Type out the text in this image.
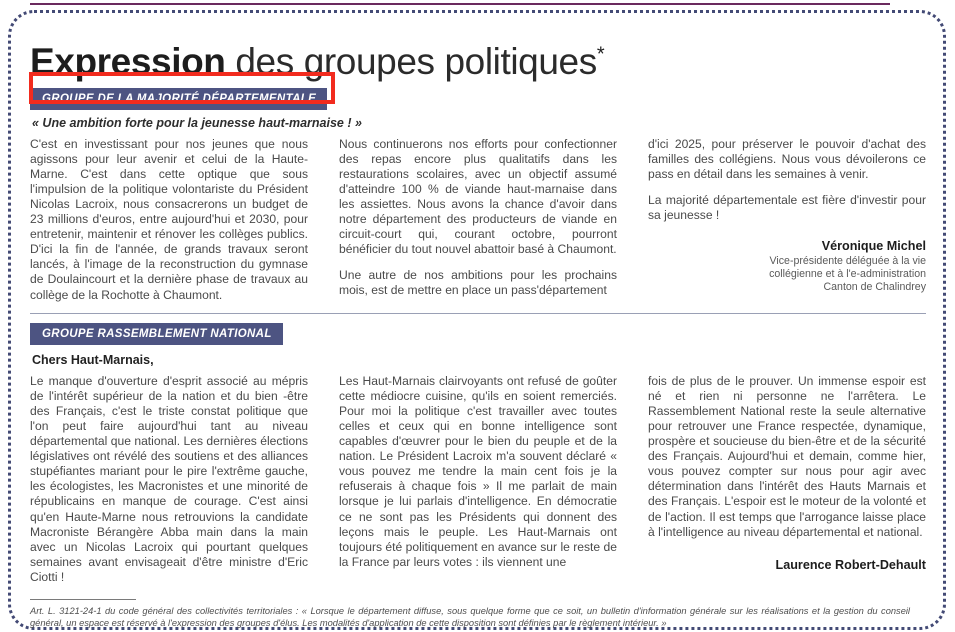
Expression des groupes politiques*
GROUPE DE LA MAJORITÉ DÉPARTEMENTALE
« Une ambition forte pour la jeunesse haut-marnaise ! »

C'est en investissant pour nos jeunes que nous agissons pour leur avenir et celui de la Haute-Marne. C'est dans cette optique que sous l'impulsion de la politique volontariste du Président Nicolas Lacroix, nous consacrerons un budget de 23 millions d'euros, entre aujourd'hui et 2030, pour entretenir, maintenir et rénover les collèges publics. D'ici la fin de l'année, de grands travaux seront lancés, à l'image de la reconstruction du gymnase de Doulaincourt et la dernière phase de travaux au collège de la Rochotte à Chaumont.

Nous continuerons nos efforts pour confectionner des repas encore plus qualitatifs dans les restaurations scolaires, avec un objectif assumé d'atteindre 100 % de viande haut-marnaise dans les assiettes. Nous avons la chance d'avoir dans notre département des producteurs de viande en circuit-court qui, courant octobre, pourront bénéficier du tout nouvel abattoir basé à Chaumont.

Une autre de nos ambitions pour les prochains mois, est de mettre en place un pass'département

d'ici 2025, pour préserver le pouvoir d'achat des familles des collégiens. Nous vous dévoilerons ce pass en détail dans les semaines à venir.

La majorité départementale est fière d'investir pour sa jeunesse !

Véronique Michel
Vice-présidente déléguée à la vie
collégienne et à l'e-administration
Canton de Chalindrey
GROUPE RASSEMBLEMENT NATIONAL
Chers Haut-Marnais,

Le manque d'ouverture d'esprit associé au mépris de l'intérêt supérieur de la nation et du bien -être des Français, c'est le triste constat politique que l'on peut faire aujourd'hui tant au niveau départemental que national. Les dernières élections législatives ont révélé des soutiens et des alliances stupéfiantes mariant pour le pire l'extrême gauche, les écologistes, les Macronistes et une minorité de républicains en manque de courage. C'est ainsi qu'en Haute-Marne nous retrouvions la candidate Macroniste Bérangère Abba main dans la main avec un Nicolas Lacroix qui pourtant quelques semaines avant envisageait d'être ministre d'Eric Ciotti !

Les Haut-Marnais clairvoyants ont refusé de goûter cette médiocre cuisine, qu'ils en soient remerciés. Pour moi la politique c'est travailler avec toutes celles et ceux qui en bonne intelligence sont capables d'œuvrer pour le bien du peuple et de la nation. Le Président Lacroix m'a souvent déclaré « vous pouvez me tendre la main cent fois je la refuserais à chaque fois » Il me parlait de main lorsque je lui parlais d'intelligence. En démocratie ce ne sont pas les Présidents qui donnent des leçons mais le peuple. Les Haut-Marnais ont toujours été politiquement en avance sur le reste de la France par leurs votes : ils viennent une

fois de plus de le prouver. Un immense espoir est né et rien ni personne ne l'arrêtera. Le Rassemblement National reste la seule alternative pour retrouver une France respectée, dynamique, prospère et soucieuse du bien-être et de la sécurité des Français. Aujourd'hui et demain, comme hier, vous pouvez compter sur nous pour agir avec détermination dans l'intérêt des Hauts Marnais et des Français. L'espoir est le moteur de la volonté et de l'action. Il est temps que l'arrogance laisse place à l'intelligence au niveau départemental et national.

Laurence Robert-Dehault
Art. L. 3121-24-1 du code général des collectivités territoriales : « Lorsque le département diffuse, sous quelque forme que ce soit, un bulletin d'information générale sur les réalisations et la gestion du conseil général, un espace est réservé à l'expression des groupes d'élus. Les modalités d'application de cette disposition sont définies par le règlement intérieur. »
